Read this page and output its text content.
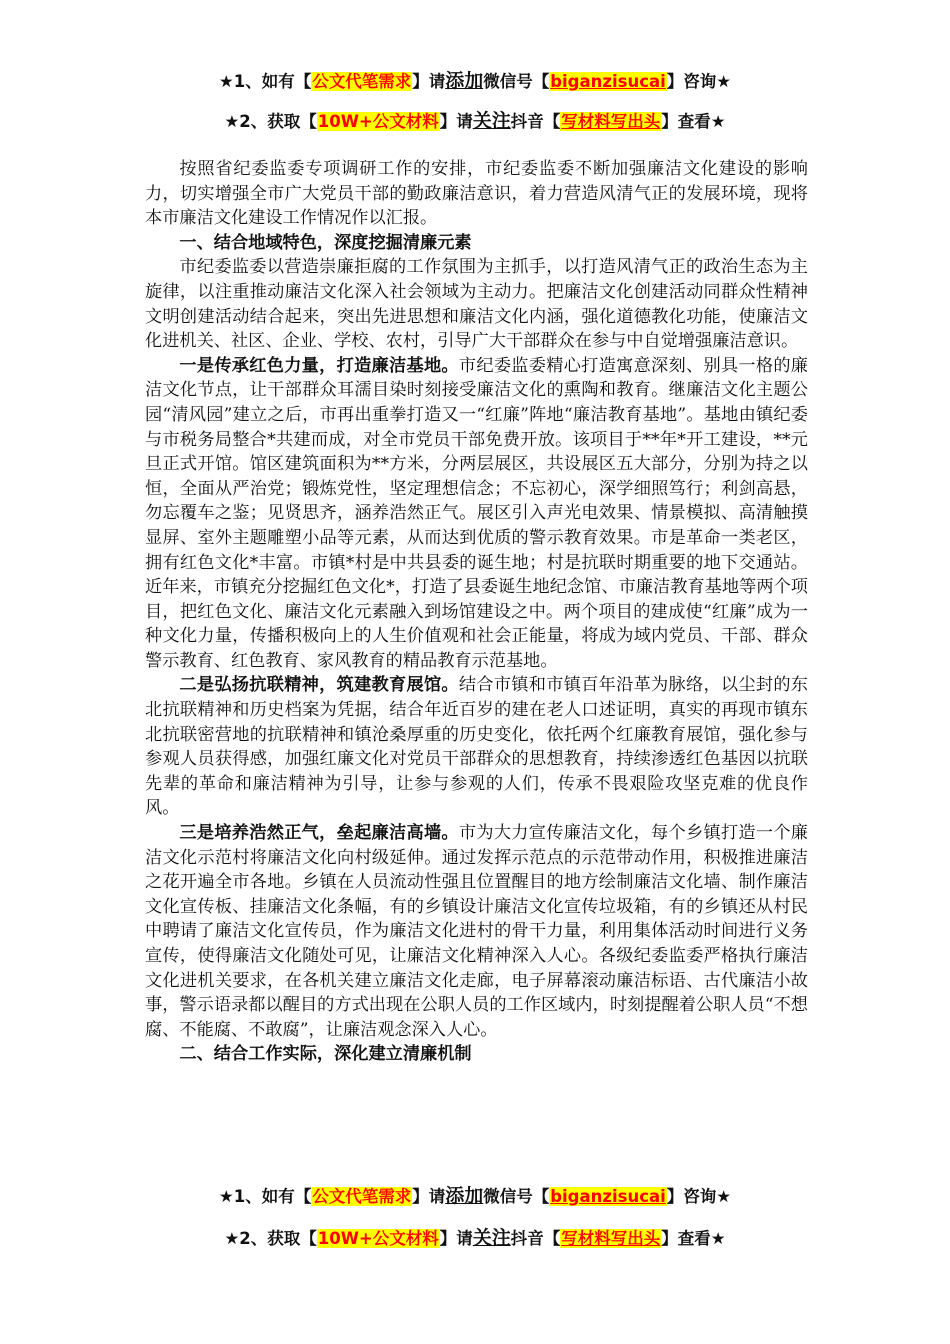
★1、如有【公文代笔需求】请添加微信号【biganzisucai】咨询★
★2、获取【10W+公文材料】请关注抖音【写材料写出头】查看★

按照省纪委监委专项调研工作的安排，市纪委监委不断加强廉洁文化建设的影响力，切实增强全市广大党员干部的勤政廉洁意识，着力营造风清气正的发展环境，现将本市廉洁文化建设工作情况作以汇报。

一、结合地域特色，深度挖掘清廉元素

市纪委监委以营造崇廉拒腐的工作氛围为主抓手，以打造风清气正的政治生态为主旋律，以注重推动廉洁文化深入社会领域为主动力。把廉洁文化创建活动同群众性精神文明创建活动结合起来，突出先进思想和廉洁文化内涵，强化道德教化功能，使廉洁文化进机关、社区、企业、学校、农村，引导广大干部群众在参与中自觉增强廉洁意识。

一是传承红色力量，打造廉洁基地。市纪委监委精心打造寓意深刻、别具一格的廉洁文化节点，让干部群众耳濡目染时刻接受廉洁文化的熏陶和教育。继廉洁文化主题公园“清风园”建立之后，市再出重拳打造又一“红廉”阵地“廉洁教育基地”。基地由镇纪委与市税务局整合*共建而成，对全市党员干部免费开放。该项目于**年*开工建设，**元旦正式开馆。馆区建筑面积为**方米，分两层展区，共设展区五大部分，分别为持之以恒，全面从严治党；锻炼党性，坚定理想信念；不忘初心，深学细照笃行；利剑高悬，勿忘覆车之鉴；见贤思齐，涵养浩然正气。展区引入声光电效果、情景模拟、高清触摸显屏、室外主题雕塑小品等元素，从而达到优质的警示教育效果。市是革命一类老区，拥有红色文化*丰富。市镇*村是中共县委的诞生地；村是抗联时期重要的地下交通站。近年来，市镇充分挖掘红色文化*，打造了县委诞生地纪念馆、市廉洁教育基地等两个项目，把红色文化、廉洁文化元素融入到场馆建设之中。两个项目的建成使“红廉”成为一种文化力量，传播积极向上的人生价值观和社会正能量，将成为域内党员、干部、群众警示教育、红色教育、家风教育的精品教育示范基地。

二是弘扬抗联精神，筑建教育展馆。结合市镇和市镇百年沿革为脉络，以尘封的东北抗联精神和历史档案为凭据，结合年近百岁的建在老人口述证明，真实的再现市镇东北抗联密营地的抗联精神和镇沧桑厚重的历史变化，依托两个红廉教育展馆，强化参与参观人员获得感，加强红廉文化对党员干部群众的思想教育，持续渗透红色基因以抗联先辈的革命和廉洁精神为引导，让参与参观的人们，传承不畏艰险攻坚克难的优良作风。

三是培养浩然正气，垒起廉洁高墙。市为大力宣传廉洁文化，每个乡镇打造一个廉洁文化示范村将廉洁文化向村级延伸。通过发挥示范点的示范带动作用，积极推进廉洁之花开遍全市各地。乡镇在人员流动性强且位置醒目的地方绘制廉洁文化墙、制作廉洁文化宣传板、挂廉洁文化条幅，有的乡镇设计廉洁文化宣传垃圾箱，有的乡镇还从村民中聘请了廉洁文化宣传员，作为廉洁文化进村的骨干力量，利用集体活动时间进行义务宣传，使得廉洁文化随处可见，让廉洁文化精神深入人心。各级纪委监委严格执行廉洁文化进机关要求，在各机关建立廉洁文化走廊，电子屏幕滚动廉洁标语、古代廉洁小故事，警示语录都以醒目的方式出现在公职人员的工作区域内，时刻提醒着公职人员“不想腐、不能腐、不敢腐”，让廉洁观念深入人心。

二、结合工作实际，深化建立清廉机制

★1、如有【公文代笔需求】请添加微信号【biganzisucai】咨询★
★2、获取【10W+公文材料】请关注抖音【写材料写出头】查看★
